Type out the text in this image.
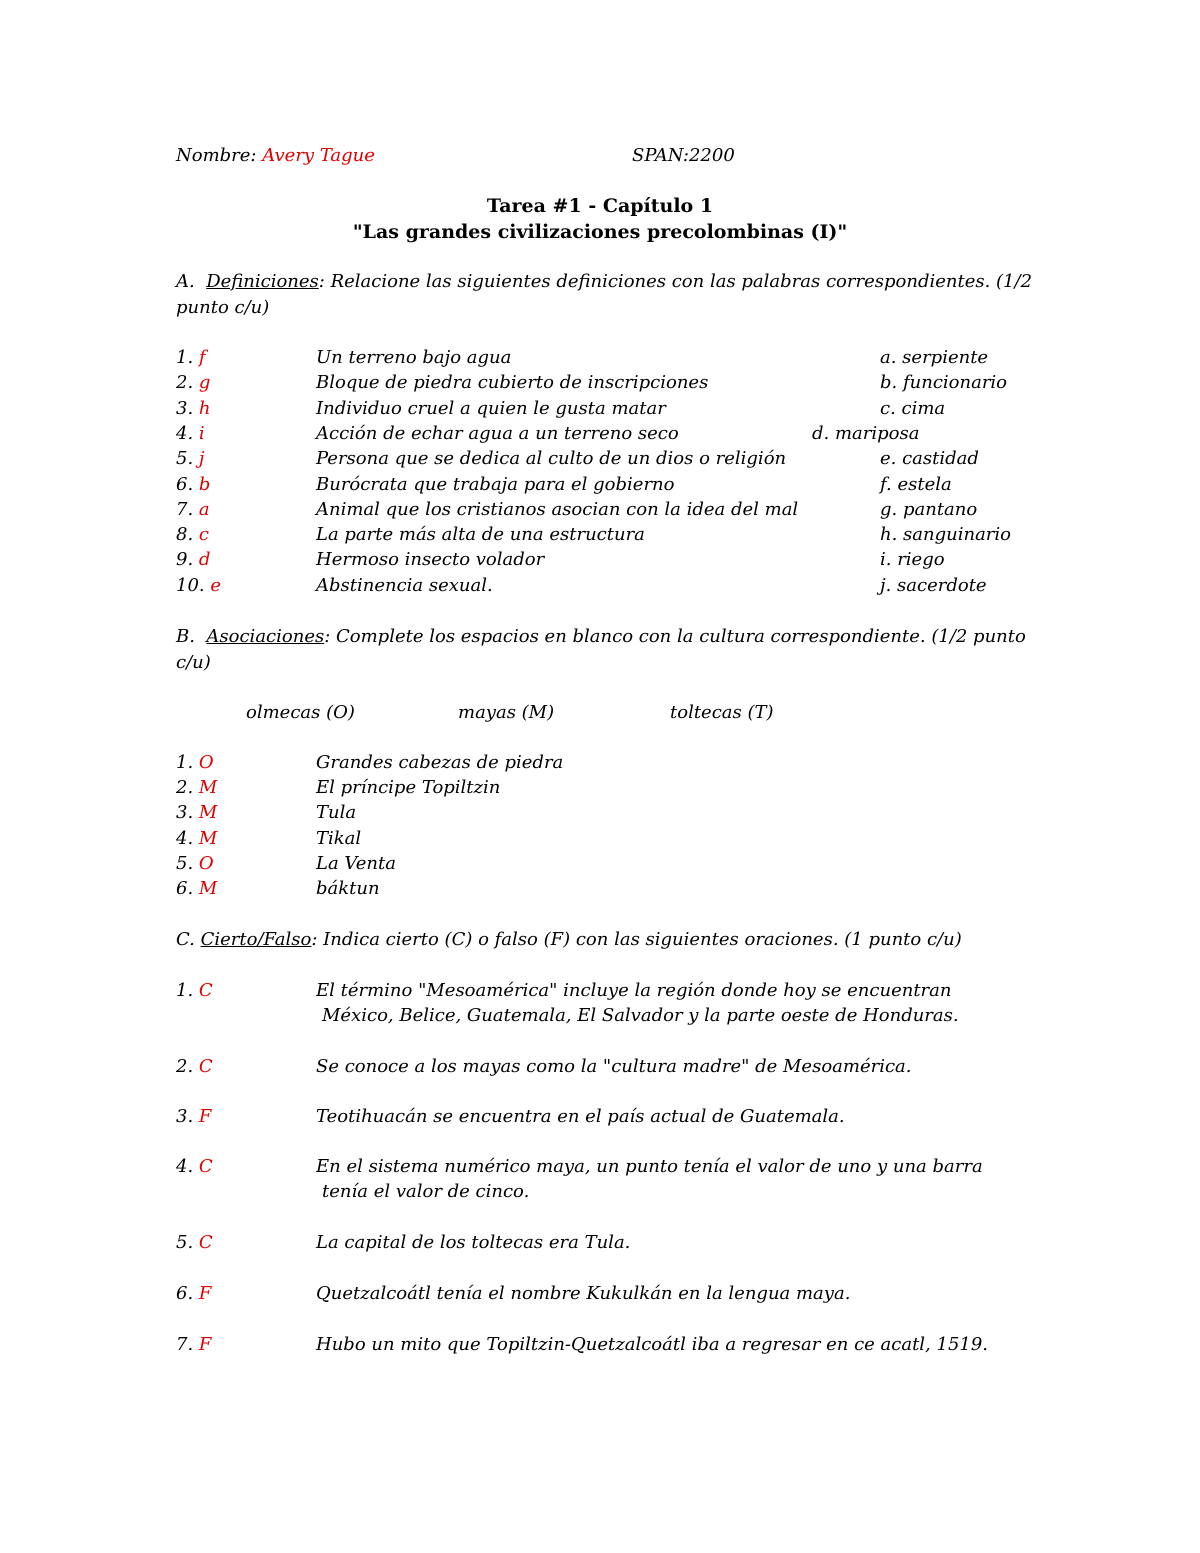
Nombre: Avery Tague	SPAN:2200
Tarea #1 - Capítulo 1
"Las grandes civilizaciones precolombinas (I)"
A. Definiciones: Relacione las siguientes definiciones con las palabras correspondientes. (1/2
punto c/u)
1. f	Un terreno bajo agua	a. serpiente
2. g	Bloque de piedra cubierto de inscripciones	b. funcionario
3. h	Individuo cruel a quien le gusta matar	c. cima
4. i	Acción de echar agua a un terreno seco	d. mariposa
5. j	Persona que se dedica al culto de un dios o religión	e. castidad
6. b	Burócrata que trabaja para el gobierno	f. estela
7. a	Animal que los cristianos asocian con la idea del mal	g. pantano
8. c	La parte más alta de una estructura	h. sanguinario
9. d	Hermoso insecto volador	i. riego
10. e	Abstinencia sexual.	j. sacerdote
B. Asociaciones: Complete los espacios en blanco con la cultura correspondiente. (1/2 punto
c/u)
olmecas (O)	mayas (M)	toltecas (T)
1. O	Grandes cabezas de piedra
2. M	El príncipe Topiltzin
3. M	Tula
4. M	Tikal
5. O	La Venta
6. M	báktun
C. Cierto/Falso: Indica cierto (C) o falso (F) con las siguientes oraciones. (1 punto c/u)
1. C	El término "Mesoamérica" incluye la región donde hoy se encuentran
México, Belice, Guatemala, El Salvador y la parte oeste de Honduras.
2. C	Se conoce a los mayas como la "cultura madre" de Mesoamérica.
3. F	Teotihuacán se encuentra en el país actual de Guatemala.
4. C	En el sistema numérico maya, un punto tenía el valor de uno y una barra
tenía el valor de cinco.
5. C	La capital de los toltecas era Tula.
6. F	Quetzalcoátl tenía el nombre Kukulkán en la lengua maya.
7. F	Hubo un mito que Topiltzin-Quetzalcoátl iba a regresar en ce acatl, 1519.
